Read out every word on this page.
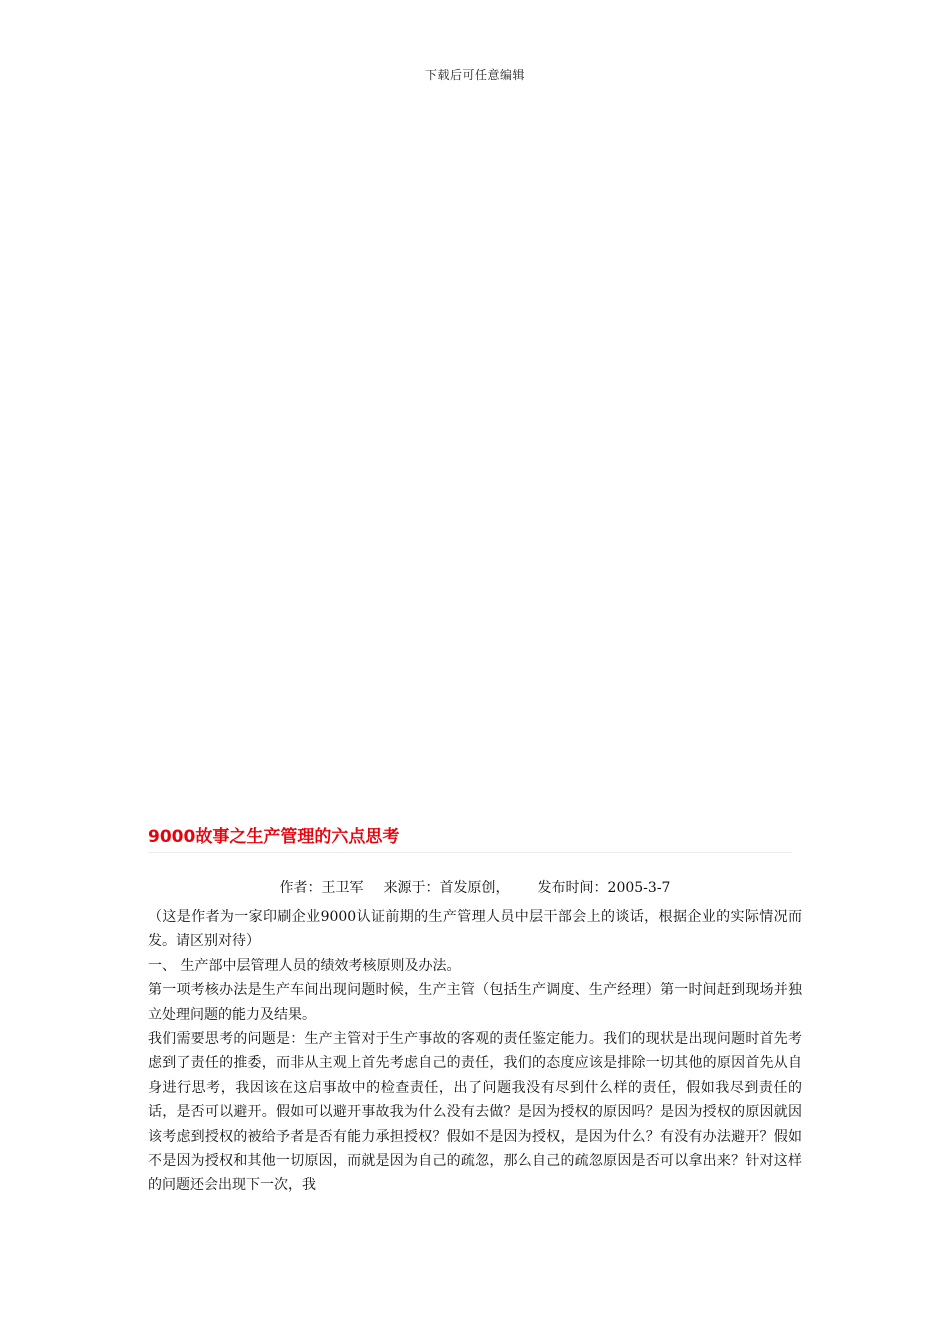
下载后可任意编辑
9000故事之生产管理的六点思考
作者：王卫军 来源于：首发原创， 发布时间：2005-3-7

（这是作者为一家印刷企业9000认证前期的生产管理人员中层干部会上的谈话，根据企业的实际情况而发。请区别对待）

一、 生产部中层管理人员的绩效考核原则及办法。

第一项考核办法是生产车间出现问题时候，生产主管（包括生产调度、生产经理）第一时间赶到现场并独立处理问题的能力及结果。

我们需要思考的问题是：生产主管对于生产事故的客观的责任鉴定能力。我们的现状是出现问题时首先考虑到了责任的推委，而非从主观上首先考虑自己的责任，我们的态度应该是排除一切其他的原因首先从自身进行思考，我因该在这启事故中的检查责任，出了问题我没有尽到什么样的责任，假如我尽到责任的话，是否可以避开。假如可以避开事故我为什么没有去做？是因为授权的原因吗？是因为授权的原因就因该考虑到授权的被给予者是否有能力承担授权？假如不是因为授权，是因为什么？有没有办法避开？假如不是因为授权和其他一切原因，而就是因为自己的疏忽，那么自己的疏忽原因是否可以拿出来？针对这样的问题还会出现下一次，我
